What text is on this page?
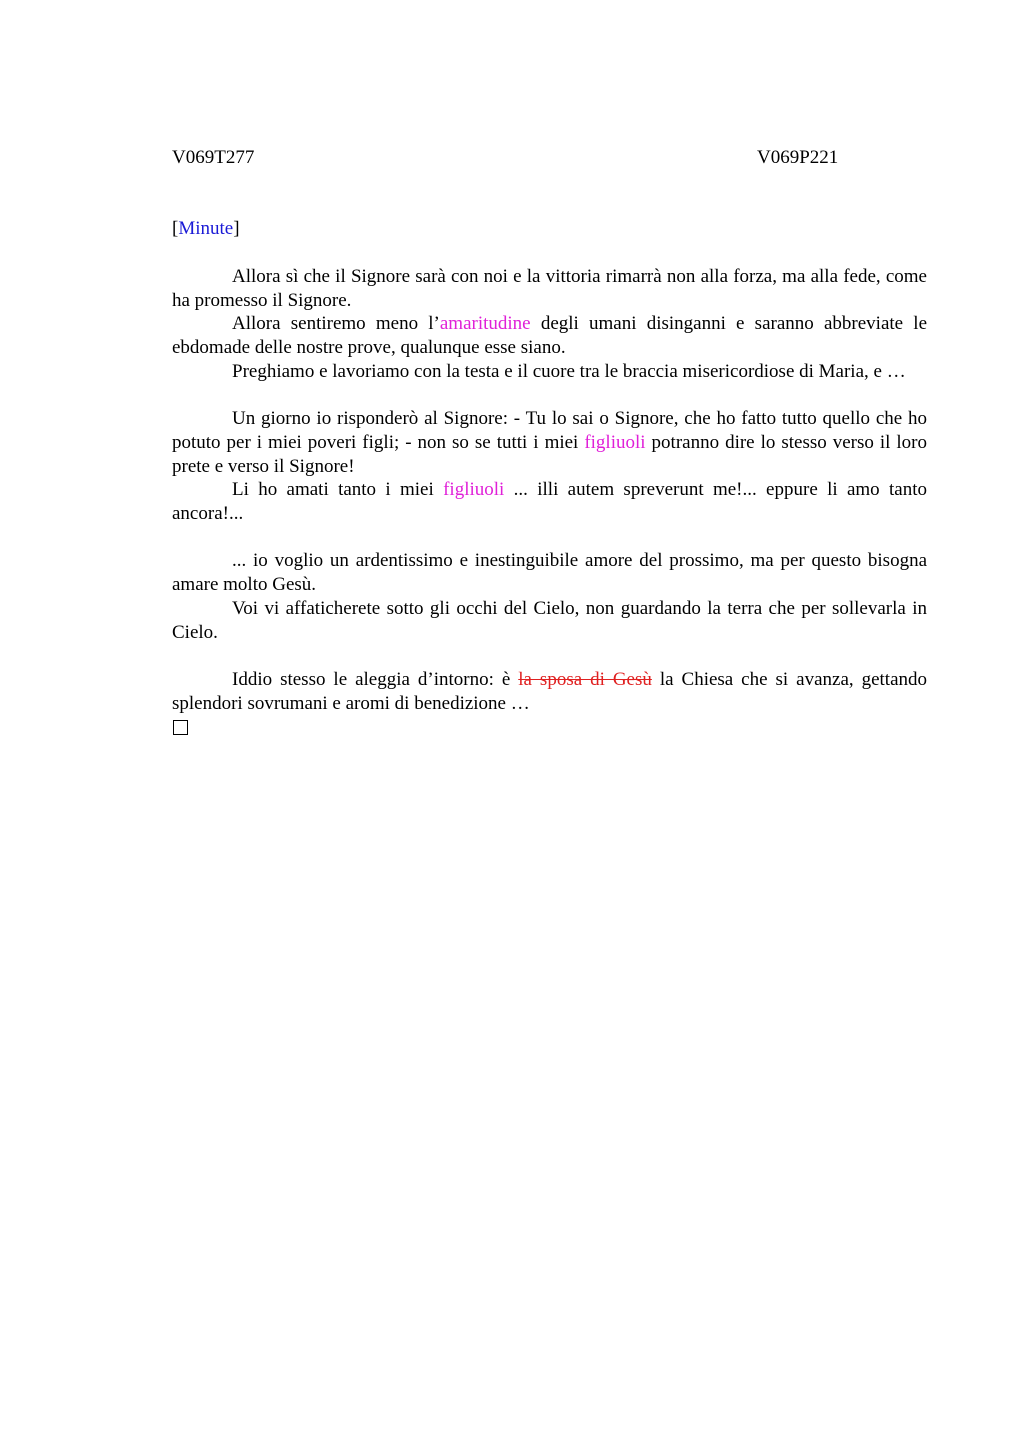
V069T277	V069P221
[Minute]

Allora sì che il Signore sarà con noi e la vittoria rimarrà non alla forza, ma alla fede, come ha promesso il Signore.

Allora sentiremo meno l’amaritudine degli umani disinganni e saranno abbreviate le ebdomade delle nostre prove, qualunque esse siano.

Preghiamo e lavoriamo con la testa e il cuore tra le braccia misericordiose di Maria, e …

Un giorno io risponderò al Signore: - Tu lo sai o Signore, che ho fatto tutto quello che ho potuto per i miei poveri figli; - non so se tutti i miei figliuoli potranno dire lo stesso verso il loro prete e verso il Signore!

Li ho amati tanto i miei figliuoli ... illi autem spreverunt me!... eppure li amo tanto ancora!...

... io voglio un ardentissimo e inestinguibile amore del prossimo, ma per questo bisogna amare molto Gesù.

Voi vi affaticherete sotto gli occhi del Cielo, non guardando la terra che per sollevarla in Cielo.

Iddio stesso le aleggia d’intorno: è la sposa di Gesù la Chiesa che si avanza, gettando splendori sovrumani e aromi di benedizione …
